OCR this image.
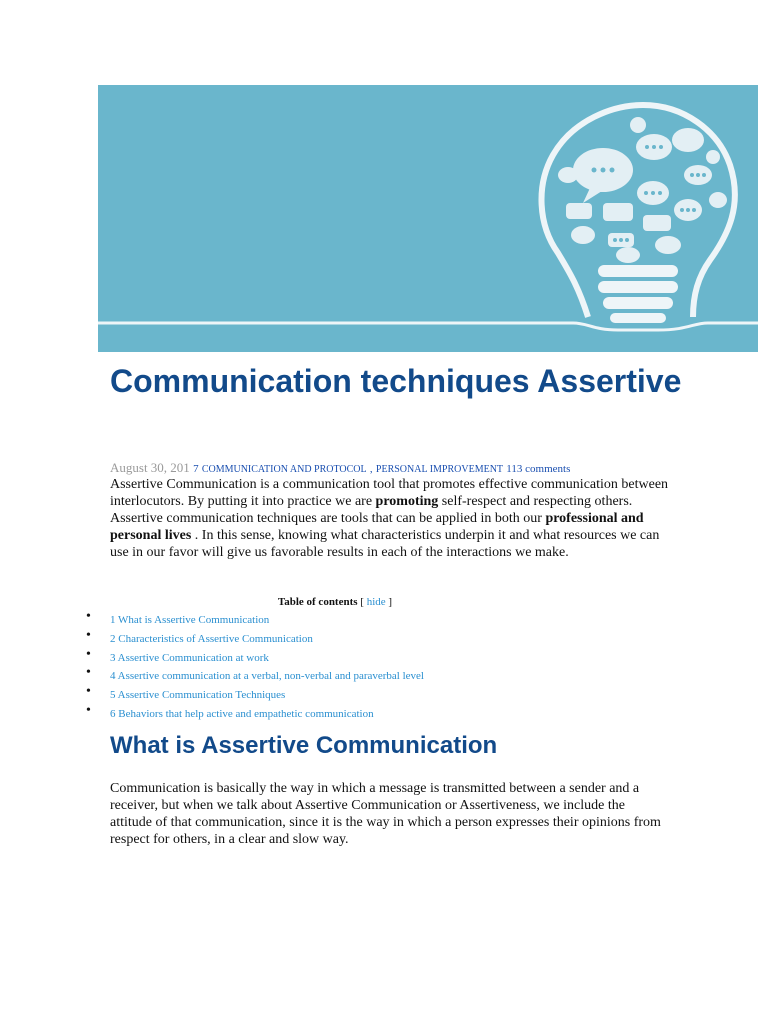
Communication techniques Assertive
August 30, 201 7 COMMUNICATION AND PROTOCOL , PERSONAL IMPROVEMENT 113 comments

Assertive Communication is a communication tool that promotes effective communication between interlocutors. By putting it into practice we are promoting self-respect and respecting others. Assertive communication techniques are tools that can be applied in both our professional and personal lives . In this sense, knowing what characteristics underpin it and what resources we can use in our favor will give us favorable results in each of the interactions we make.

Table of contents [ hide ]
• 1 What is Assertive Communication
• 2 Characteristics of Assertive Communication
• 3 Assertive Communication at work
• 4 Assertive communication at a verbal, non-verbal and paraverbal level
• 5 Assertive Communication Techniques
• 6 Behaviors that help active and empathetic communication
What is Assertive Communication

Communication is basically the way in which a message is transmitted between a sender and a receiver, but when we talk about Assertive Communication or Assertiveness, we include the attitude of that communication, since it is the way in which a person expresses their opinions from respect for others, in a clear and slow way.
